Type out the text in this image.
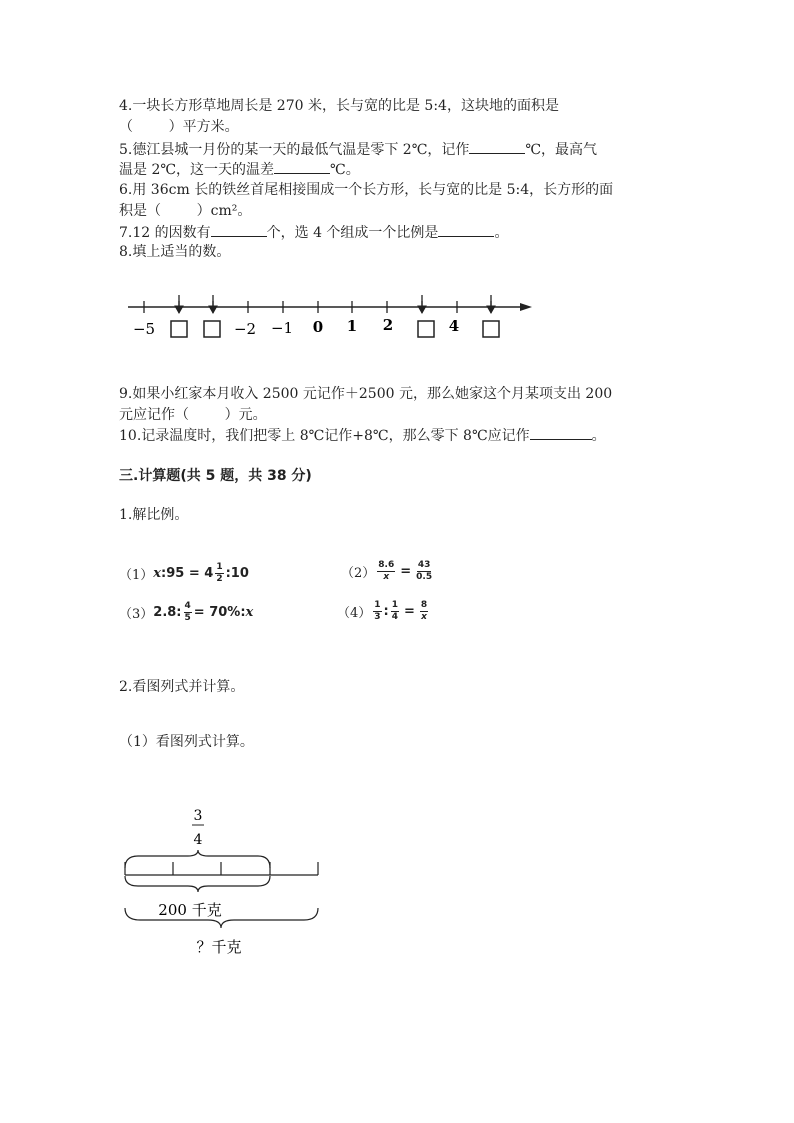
4.一块长方形草地周长是 270 米，长与宽的比是 5:4，这块地的面积是
（        ）平方米。
5.德江县城一月份的某一天的最低气温是零下 2℃，记作	℃，最高气
温是 2℃，这一天的温差	℃。
6.用 36cm 长的铁丝首尾相接围成一个长方形，长与宽的比是 5:4，长方形的面
积是（        ）cm²。
7.12 的因数有	个，选 4 个组成一个比例是	。
8.填上适当的数。
−5	−2 −1 0 1 2	4
9.如果小红家本月收入 2500 元记作＋2500 元，那么她家这个月某项支出 200
元应记作（        ）元。
10.记录温度时，我们把零上 8℃记作+8℃，那么零下 8℃应记作	。
三.计算题(共 5 题，共 38 分)
1.解比例。
（1） x :95 = $4 \frac{1}{2}$ :10	$(2) \frac{8.6}{x} = \frac{43}{0.5}$
（3） 2.8: $\frac{4}{5} = 70\%$: x	$(4) \frac{1}{3}$ : $\frac{1}{4} = \frac{8}{x}$
2.看图列式并计算。
（1）看图列式计算。
3
4
200 千克
？千克
